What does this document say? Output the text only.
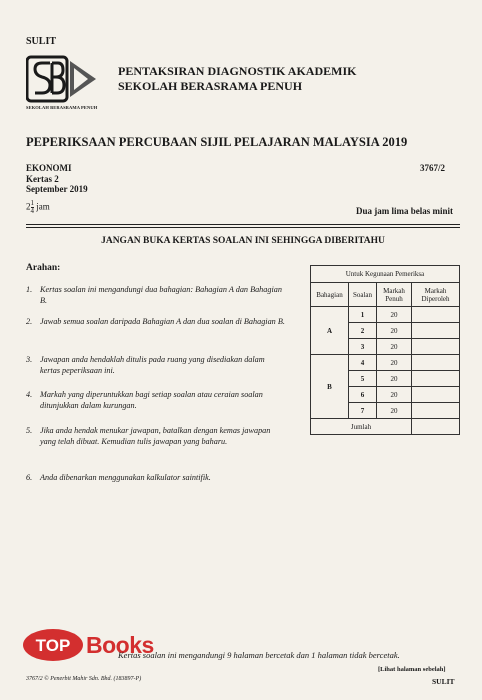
SULIT
SEKOLAH BERASRAMA PENUH
PENTAKSIRAN DIAGNOSTIK AKADEMIK
SEKOLAH BERASRAMA PENUH
PEPERIKSAAN PERCUBAAN SIJIL PELAJARAN MALAYSIA 2019
EKONOMI
Kertas 2
September 2019
3767/2
$2 \frac{1}{4}$ jam	Dua jam lima belas minit
JANGAN BUKA KERTAS SOALAN INI SEHINGGA DIBERITAHU
Arahan:
1. Kertas soalan ini mengandungi dua bahagian: Bahagian A dan Bahagian B.
2. Jawab semua soalan daripada Bahagian A dan dua soalan di Bahagian B.
3. Jawapan anda hendaklah ditulis pada ruang yang disediakan dalam kertas peperiksaan ini.
4. Markah yang diperuntukkan bagi setiap soalan atau ceraian soalan ditunjukkan dalam kurungan.
5. Jika anda hendak menukar jawapan, batalkan dengan kemas jawapan yang telah dibuat. Kemudian tulis jawapan yang baharu.
6. Anda dibenarkan menggunakan kalkulator saintifik.
Untuk Kegunaan Pemeriksa			
Bahagian	Soalan	Markah Penuh	Markah Diperoleh
A	1	20	
	2	20	
	3	20	
B	4	20	
	5	20	
	6	20	
	7	20	
Jumlah			
TOP Books
Kertas soalan ini mengandungi 9 halaman bercetak dan 1 halaman tidak bercetak.
[Lihat halaman sebelah]
SULIT
3767/2 © Penerbit Mahir Sdn. Bhd. (183897-P)
